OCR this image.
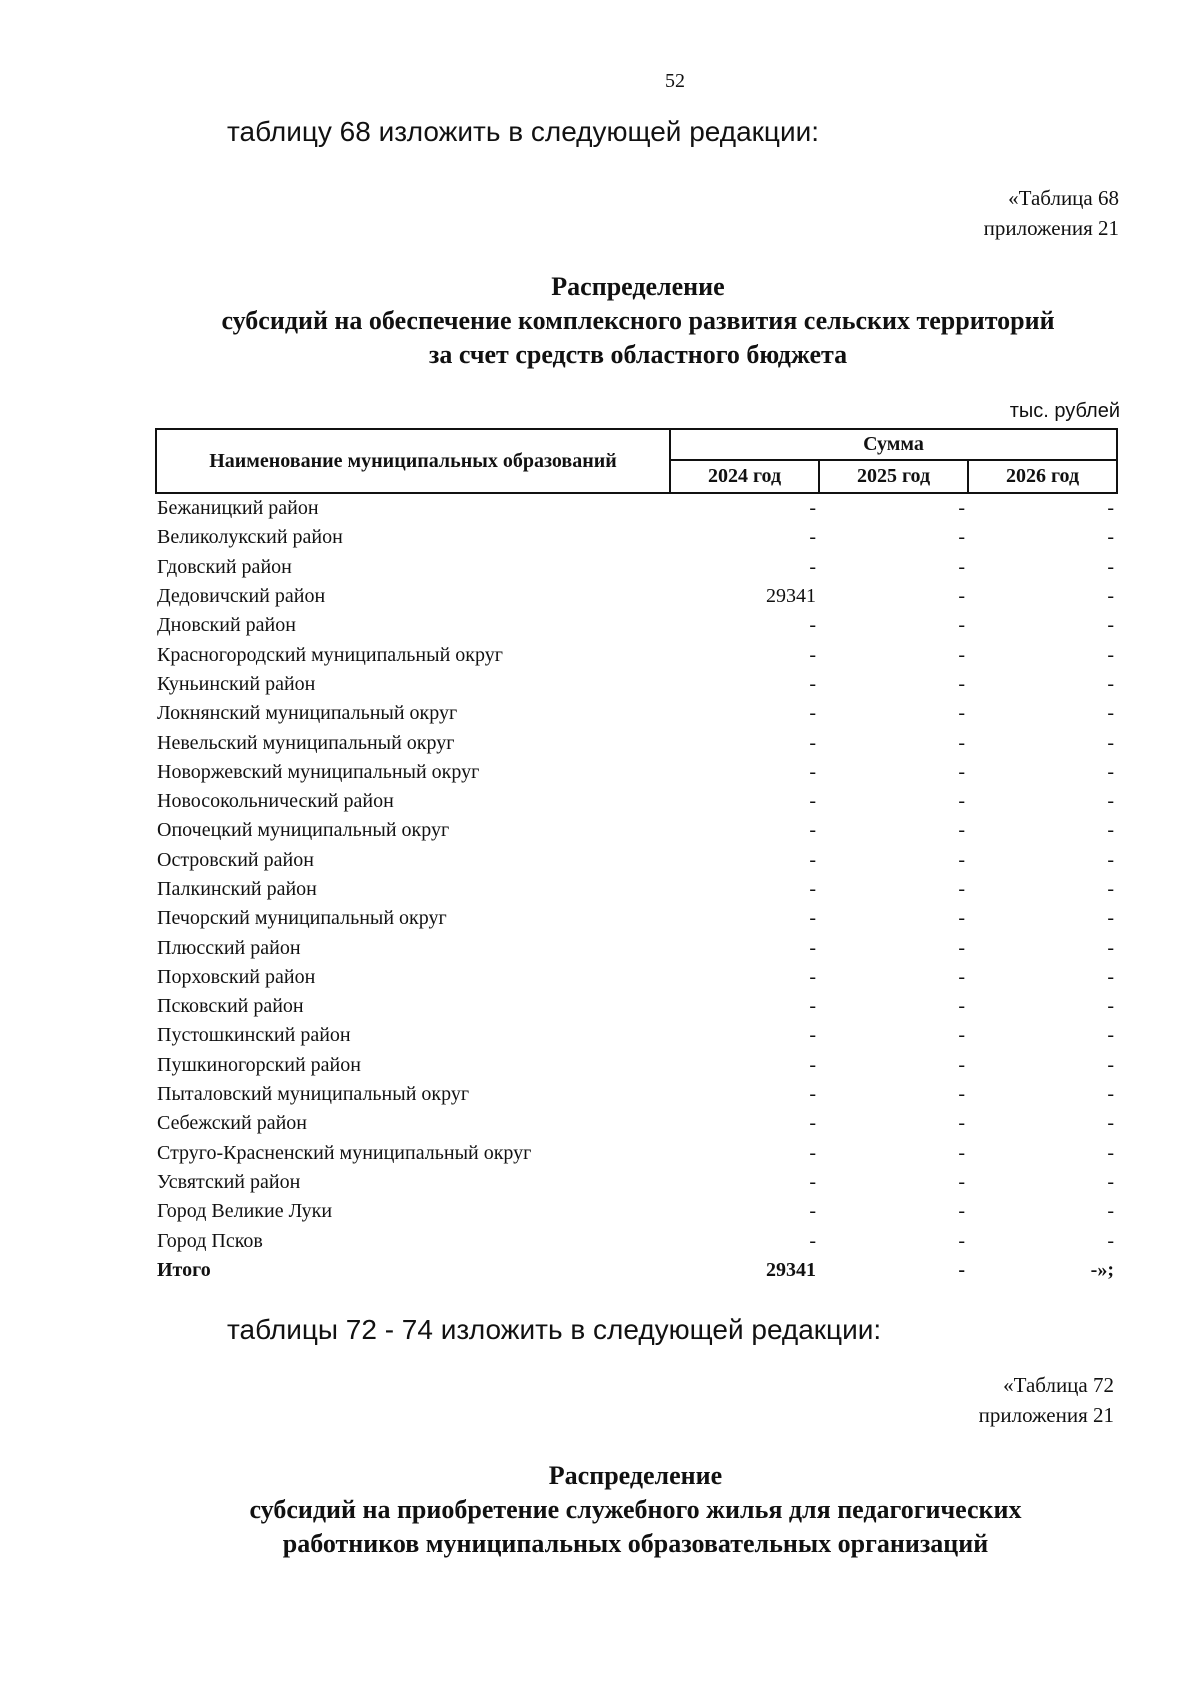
52
таблицу 68 изложить в следующей редакции:
«Таблица 68
приложения 21
Распределение
субсидий на обеспечение комплексного развития сельских территорий
за счет средств областного бюджета
тыс. рублей
Наименование муниципальных образований	Сумма		
	2024 год	2025 год	2026 год
Бежаницкий район	-	-	-
Великолукский район	-	-	-
Гдовский район	-	-	-
Дедовичский район	29341	-	-
Дновский район	-	-	-
Красногородский муниципальный округ	-	-	-
Куньинский район	-	-	-
Локнянский муниципальный округ	-	-	-
Невельский муниципальный округ	-	-	-
Новоржевский муниципальный округ	-	-	-
Новосокольнический район	-	-	-
Опочецкий муниципальный округ	-	-	-
Островский район	-	-	-
Палкинский район	-	-	-
Печорский муниципальный округ	-	-	-
Плюсский район	-	-	-
Порховский район	-	-	-
Псковский район	-	-	-
Пустошкинский район	-	-	-
Пушкиногорский район	-	-	-
Пыталовский муниципальный округ	-	-	-
Себежский район	-	-	-
Струго-Красненский муниципальный округ	-	-	-
Усвятский район	-	-	-
Город Великие Луки	-	-	-
Город Псков	-	-	-
Итого	29341	-	-»;
таблицы 72 - 74 изложить в следующей редакции:
«Таблица 72
приложения 21
Распределение
субсидий на приобретение служебного жилья для педагогических
работников муниципальных образовательных организаций
